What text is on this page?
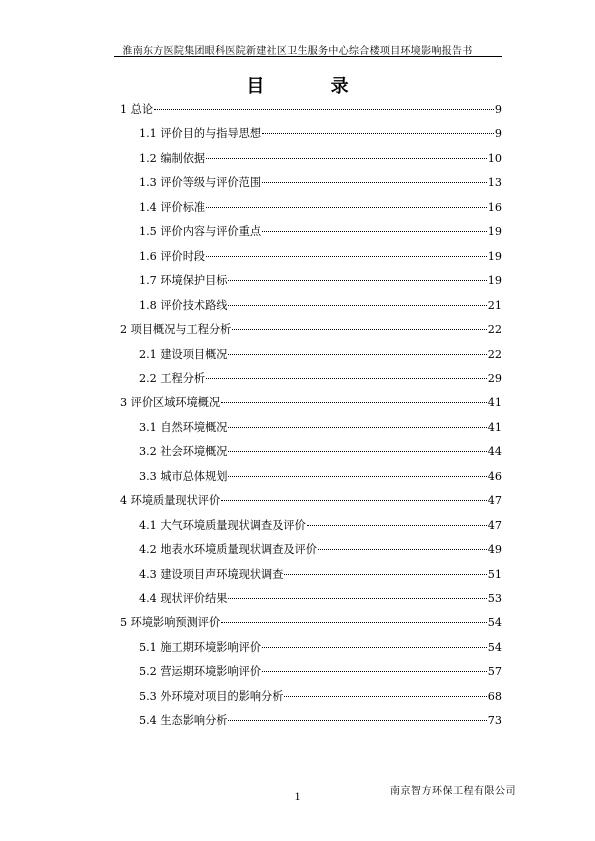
淮南东方医院集团眼科医院新建社区卫生服务中心综合楼项目环境影响报告书
目 录
1 总论	9
1.1 评价目的与指导思想	9
1.2 编制依据	10
1.3 评价等级与评价范围	13
1.4 评价标准	16
1.5 评价内容与评价重点	19
1.6 评价时段	19
1.7 环境保护目标	19
1.8 评价技术路线	21
2 项目概况与工程分析	22
2.1 建设项目概况	22
2.2 工程分析	29
3 评价区域环境概况	41
3.1 自然环境概况	41
3.2 社会环境概况	44
3.3 城市总体规划	46
4 环境质量现状评价	47
4.1 大气环境质量现状调查及评价	47
4.2 地表水环境质量现状调查及评价	49
4.3 建设项目声环境现状调查	51
4.4 现状评价结果	53
5 环境影响预测评价	54
5.1 施工期环境影响评价	54
5.2 营运期环境影响评价	57
5.3 外环境对项目的影响分析	68
5.4 生态影响分析	73
南京智方环保工程有限公司
1
